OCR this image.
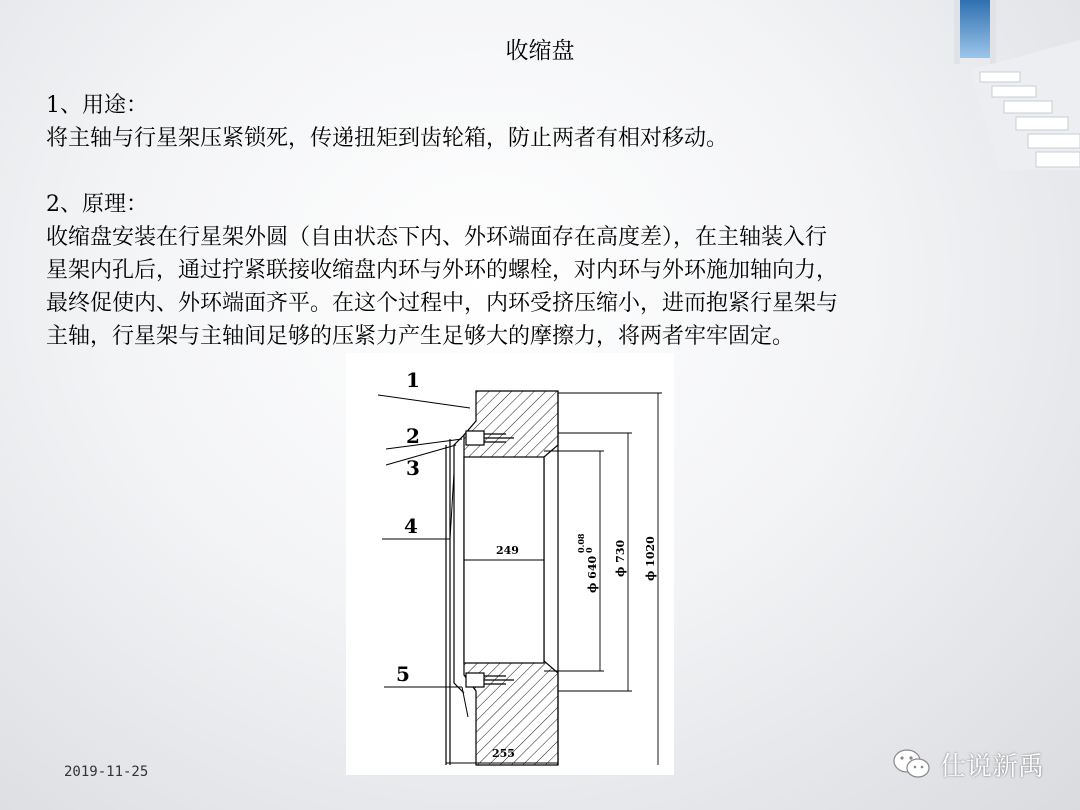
收缩盘
1、用途：
将主轴与行星架压紧锁死，传递扭矩到齿轮箱，防止两者有相对移动。
2、原理：
收缩盘安装在行星架外圆（自由状态下内、外环端面存在高度差），在主轴装入行
星架内孔后，通过拧紧联接收缩盘内环与外环的螺栓，对内环与外环施加轴向力，
最终促使内、外环端面齐平。在这个过程中，内环受挤压缩小，进而抱紧行星架与
主轴，行星架与主轴间足够的压紧力产生足够大的摩擦力，将两者牢牢固定。
1
2
3
4
5
249
255
ϕ 640
0.08
0 ϕ 730 ϕ 1020
2019-11-25	仕说新禹
